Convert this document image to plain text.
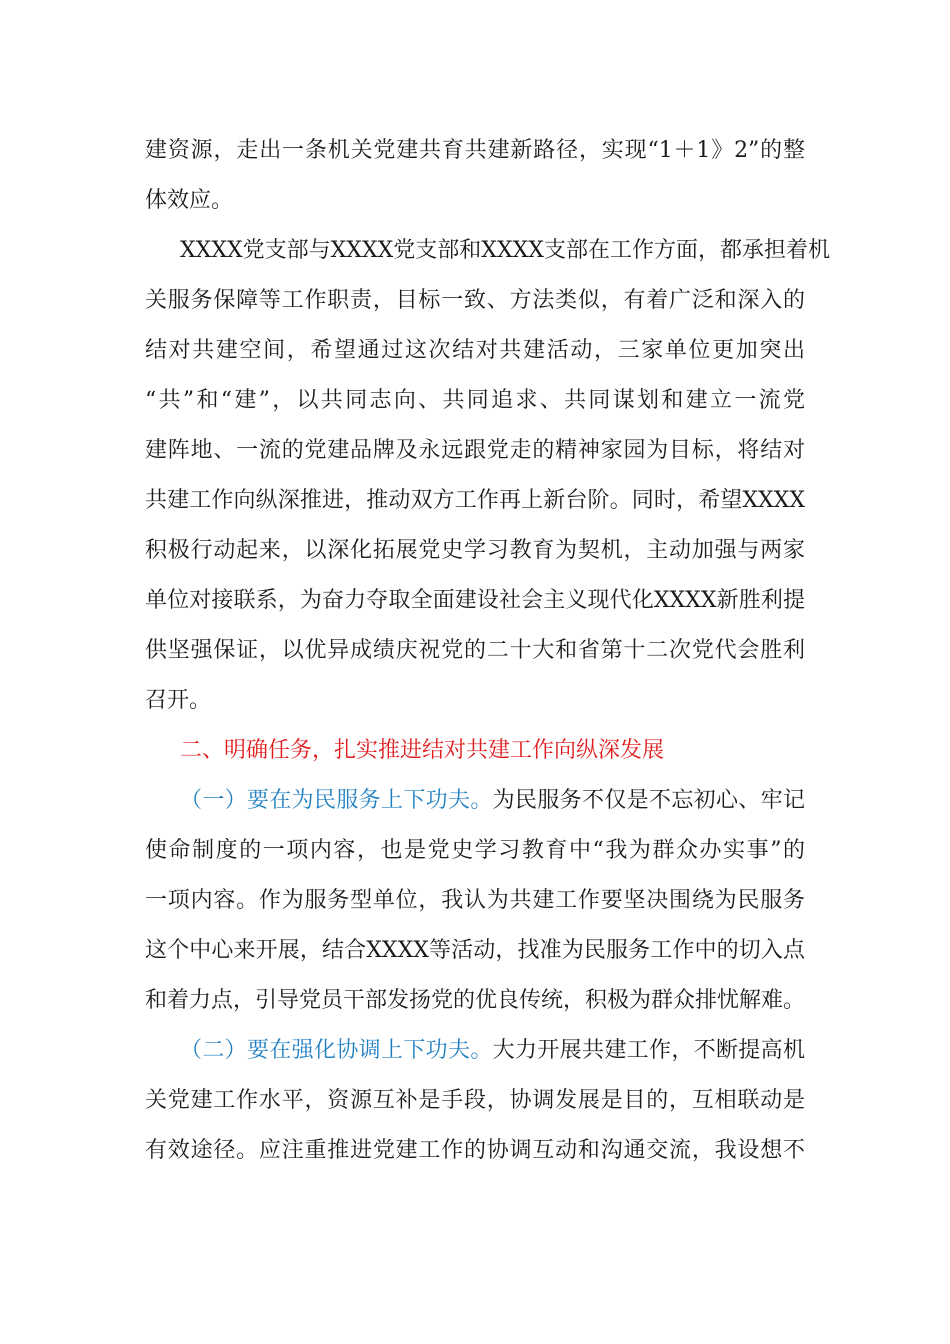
建资源，走出一条机关党建共育共建新路径，实现“1＋1》2”的整
体效应。
XXXX党支部与XXXX党支部和XXXX支部在工作方面，都承担着机
关服务保障等工作职责，目标一致、方法类似，有着广泛和深入的
结对共建空间，希望通过这次结对共建活动，三家单位更加突出
“共”和“建”，以共同志向、共同追求、共同谋划和建立一流党
建阵地、一流的党建品牌及永远跟党走的精神家园为目标，将结对
共建工作向纵深推进，推动双方工作再上新台阶。同时，希望XXXX
积极行动起来，以深化拓展党史学习教育为契机，主动加强与两家
单位对接联系，为奋力夺取全面建设社会主义现代化XXXX新胜利提
供坚强保证，以优异成绩庆祝党的二十大和省第十二次党代会胜利
召开。
二、明确任务，扎实推进结对共建工作向纵深发展
（一）要在为民服务上下功夫。为民服务不仅是不忘初心、牢记
使命制度的一项内容，也是党史学习教育中“我为群众办实事”的
一项内容。作为服务型单位，我认为共建工作要坚决围绕为民服务
这个中心来开展，结合XXXX等活动，找准为民服务工作中的切入点
和着力点，引导党员干部发扬党的优良传统，积极为群众排忧解难。
（二）要在强化协调上下功夫。大力开展共建工作，不断提高机
关党建工作水平，资源互补是手段，协调发展是目的，互相联动是
有效途径。应注重推进党建工作的协调互动和沟通交流，我设想不
